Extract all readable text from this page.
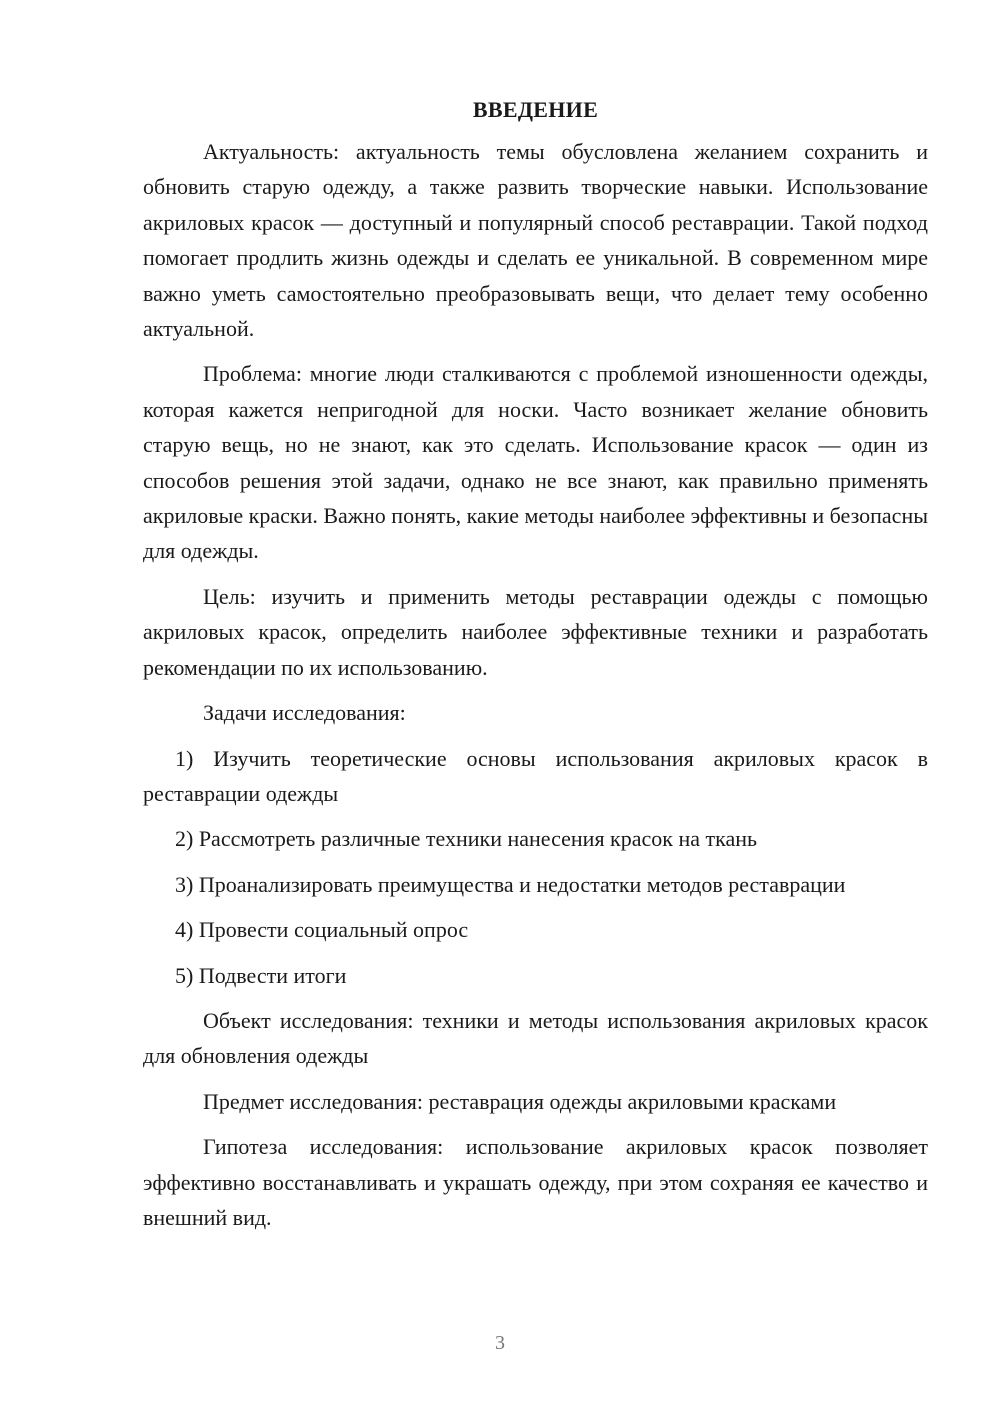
ВВЕДЕНИЕ

Актуальность: актуальность темы обусловлена желанием сохранить и обновить старую одежду, а также развить творческие навыки. Использование акриловых красок — доступный и популярный способ реставрации. Такой подход помогает продлить жизнь одежды и сделать ее уникальной. В современном мире важно уметь самостоятельно преобразовывать вещи, что делает тему особенно актуальной.

Проблема: многие люди сталкиваются с проблемой изношенности одежды, которая кажется непригодной для носки. Часто возникает желание обновить старую вещь, но не знают, как это сделать. Использование красок — один из способов решения этой задачи, однако не все знают, как правильно применять акриловые краски. Важно понять, какие методы наиболее эффективны и безопасны для одежды.

Цель: изучить и применить методы реставрации одежды с помощью акриловых красок, определить наиболее эффективные техники и разработать рекомендации по их использованию.

Задачи исследования:

1) Изучить теоретические основы использования акриловых красок в реставрации одежды

2) Рассмотреть различные техники нанесения красок на ткань

3) Проанализировать преимущества и недостатки методов реставрации

4) Провести социальный опрос

5) Подвести итоги

Объект исследования: техники и методы использования акриловых красок для обновления одежды

Предмет исследования: реставрация одежды акриловыми красками

Гипотеза исследования: использование акриловых красок позволяет эффективно восстанавливать и украшать одежду, при этом сохраняя ее качество и внешний вид.

3
